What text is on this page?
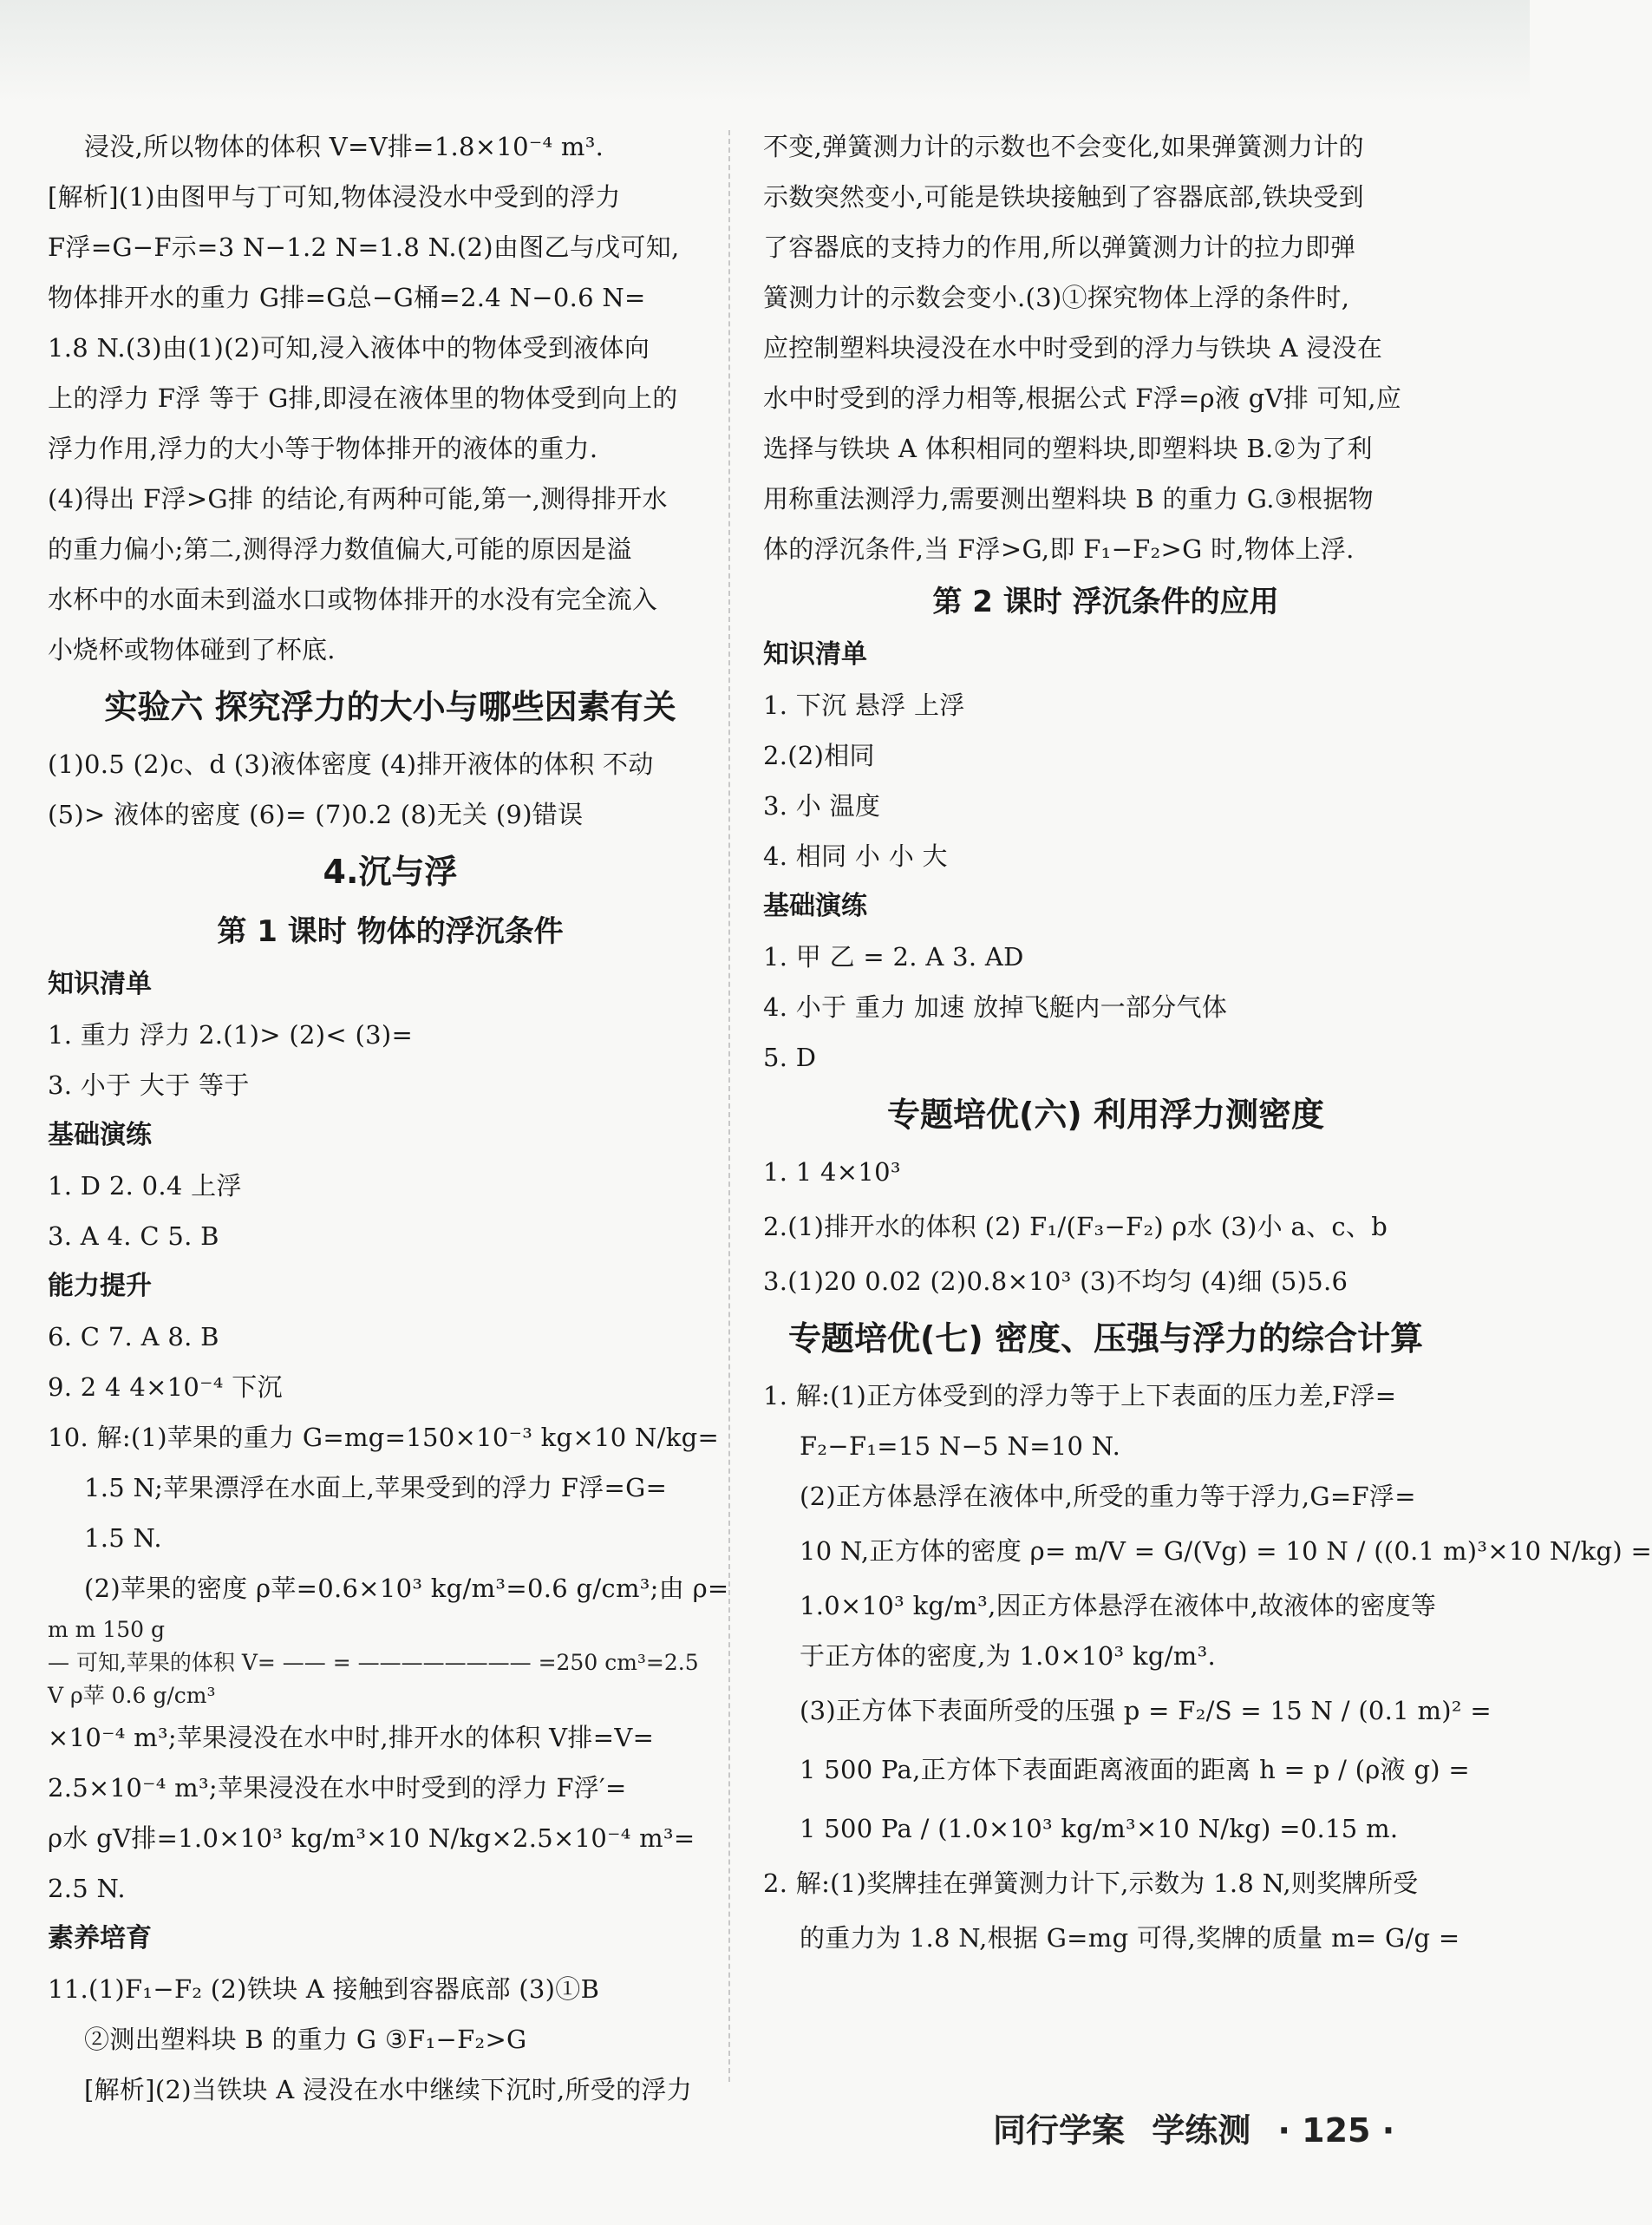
浸没,所以物体的体积 V=V排=1.8×10⁻⁴ m³.
[解析](1)由图甲与丁可知,物体浸没水中受到的浮力
F浮=G−F示=3 N−1.2 N=1.8 N.(2)由图乙与戊可知,
物体排开水的重力 G排=G总−G桶=2.4 N−0.6 N=
1.8 N.(3)由(1)(2)可知,浸入液体中的物体受到液体向
上的浮力 F浮 等于 G排,即浸在液体里的物体受到向上的
浮力作用,浮力的大小等于物体排开的液体的重力.
(4)得出 F浮>G排 的结论,有两种可能,第一,测得排开水
的重力偏小;第二,测得浮力数值偏大,可能的原因是溢
水杯中的水面未到溢水口或物体排开的水没有完全流入
小烧杯或物体碰到了杯底.
实验六 探究浮力的大小与哪些因素有关
(1)0.5 (2)c、d (3)液体密度 (4)排开液体的体积 不动
(5)> 液体的密度 (6)= (7)0.2 (8)无关 (9)错误
4.沉与浮
第 1 课时 物体的浮沉条件
知识清单
1. 重力 浮力 2.(1)> (2)< (3)=
3. 小于 大于 等于
基础演练
1. D 2. 0.4 上浮
3. A 4. C 5. B
能力提升
6. C 7. A 8. B
9. 2 4 4×10⁻⁴ 下沉
10. 解:(1)苹果的重力 G=mg=150×10⁻³ kg×10 N/kg=
1.5 N;苹果漂浮在水面上,苹果受到的浮力 F浮=G=
1.5 N.
(2)苹果的密度 ρ苹=0.6×10³ kg/m³=0.6 g/cm³;由 ρ=
m m 150 g
— 可知,苹果的体积 V= —— = ———————— =250 cm³=2.5
V ρ苹 0.6 g/cm³
×10⁻⁴ m³;苹果浸没在水中时,排开水的体积 V排=V=
2.5×10⁻⁴ m³;苹果浸没在水中时受到的浮力 F浮′=
ρ水 gV排=1.0×10³ kg/m³×10 N/kg×2.5×10⁻⁴ m³=
2.5 N.
素养培育
11.(1)F₁−F₂ (2)铁块 A 接触到容器底部 (3)①B
②测出塑料块 B 的重力 G ③F₁−F₂>G
[解析](2)当铁块 A 浸没在水中继续下沉时,所受的浮力
不变,弹簧测力计的示数也不会变化,如果弹簧测力计的
示数突然变小,可能是铁块接触到了容器底部,铁块受到
了容器底的支持力的作用,所以弹簧测力计的拉力即弹
簧测力计的示数会变小.(3)①探究物体上浮的条件时,
应控制塑料块浸没在水中时受到的浮力与铁块 A 浸没在
水中时受到的浮力相等,根据公式 F浮=ρ液 gV排 可知,应
选择与铁块 A 体积相同的塑料块,即塑料块 B.②为了利
用称重法测浮力,需要测出塑料块 B 的重力 G.③根据物
体的浮沉条件,当 F浮>G,即 F₁−F₂>G 时,物体上浮.
第 2 课时 浮沉条件的应用
知识清单
1. 下沉 悬浮 上浮
2.(2)相同
3. 小 温度
4. 相同 小 小 大
基础演练
1. 甲 乙 = 2. A 3. AD
4. 小于 重力 加速 放掉飞艇内一部分气体
5. D
专题培优(六) 利用浮力测密度
1. 1 4×10³
2.(1)排开水的体积 (2) F₁/(F₃−F₂) ρ水 (3)小 a、c、b
3.(1)20 0.02 (2)0.8×10³ (3)不均匀 (4)细 (5)5.6
专题培优(七) 密度、压强与浮力的综合计算
1. 解:(1)正方体受到的浮力等于上下表面的压力差,F浮=
F₂−F₁=15 N−5 N=10 N.
(2)正方体悬浮在液体中,所受的重力等于浮力,G=F浮=
10 N,正方体的密度 ρ= m/V = G/(Vg) = 10 N / ((0.1 m)³×10 N/kg) =
1.0×10³ kg/m³,因正方体悬浮在液体中,故液体的密度等
于正方体的密度,为 1.0×10³ kg/m³.
(3)正方体下表面所受的压强 p = F₂/S = 15 N / (0.1 m)² =
1 500 Pa,正方体下表面距离液面的距离 h = p / (ρ液 g) =
1 500 Pa / (1.0×10³ kg/m³×10 N/kg) =0.15 m.
2. 解:(1)奖牌挂在弹簧测力计下,示数为 1.8 N,则奖牌所受
的重力为 1.8 N,根据 G=mg 可得,奖牌的质量 m= G/g =
同行学案 学练测 · 125 ·
